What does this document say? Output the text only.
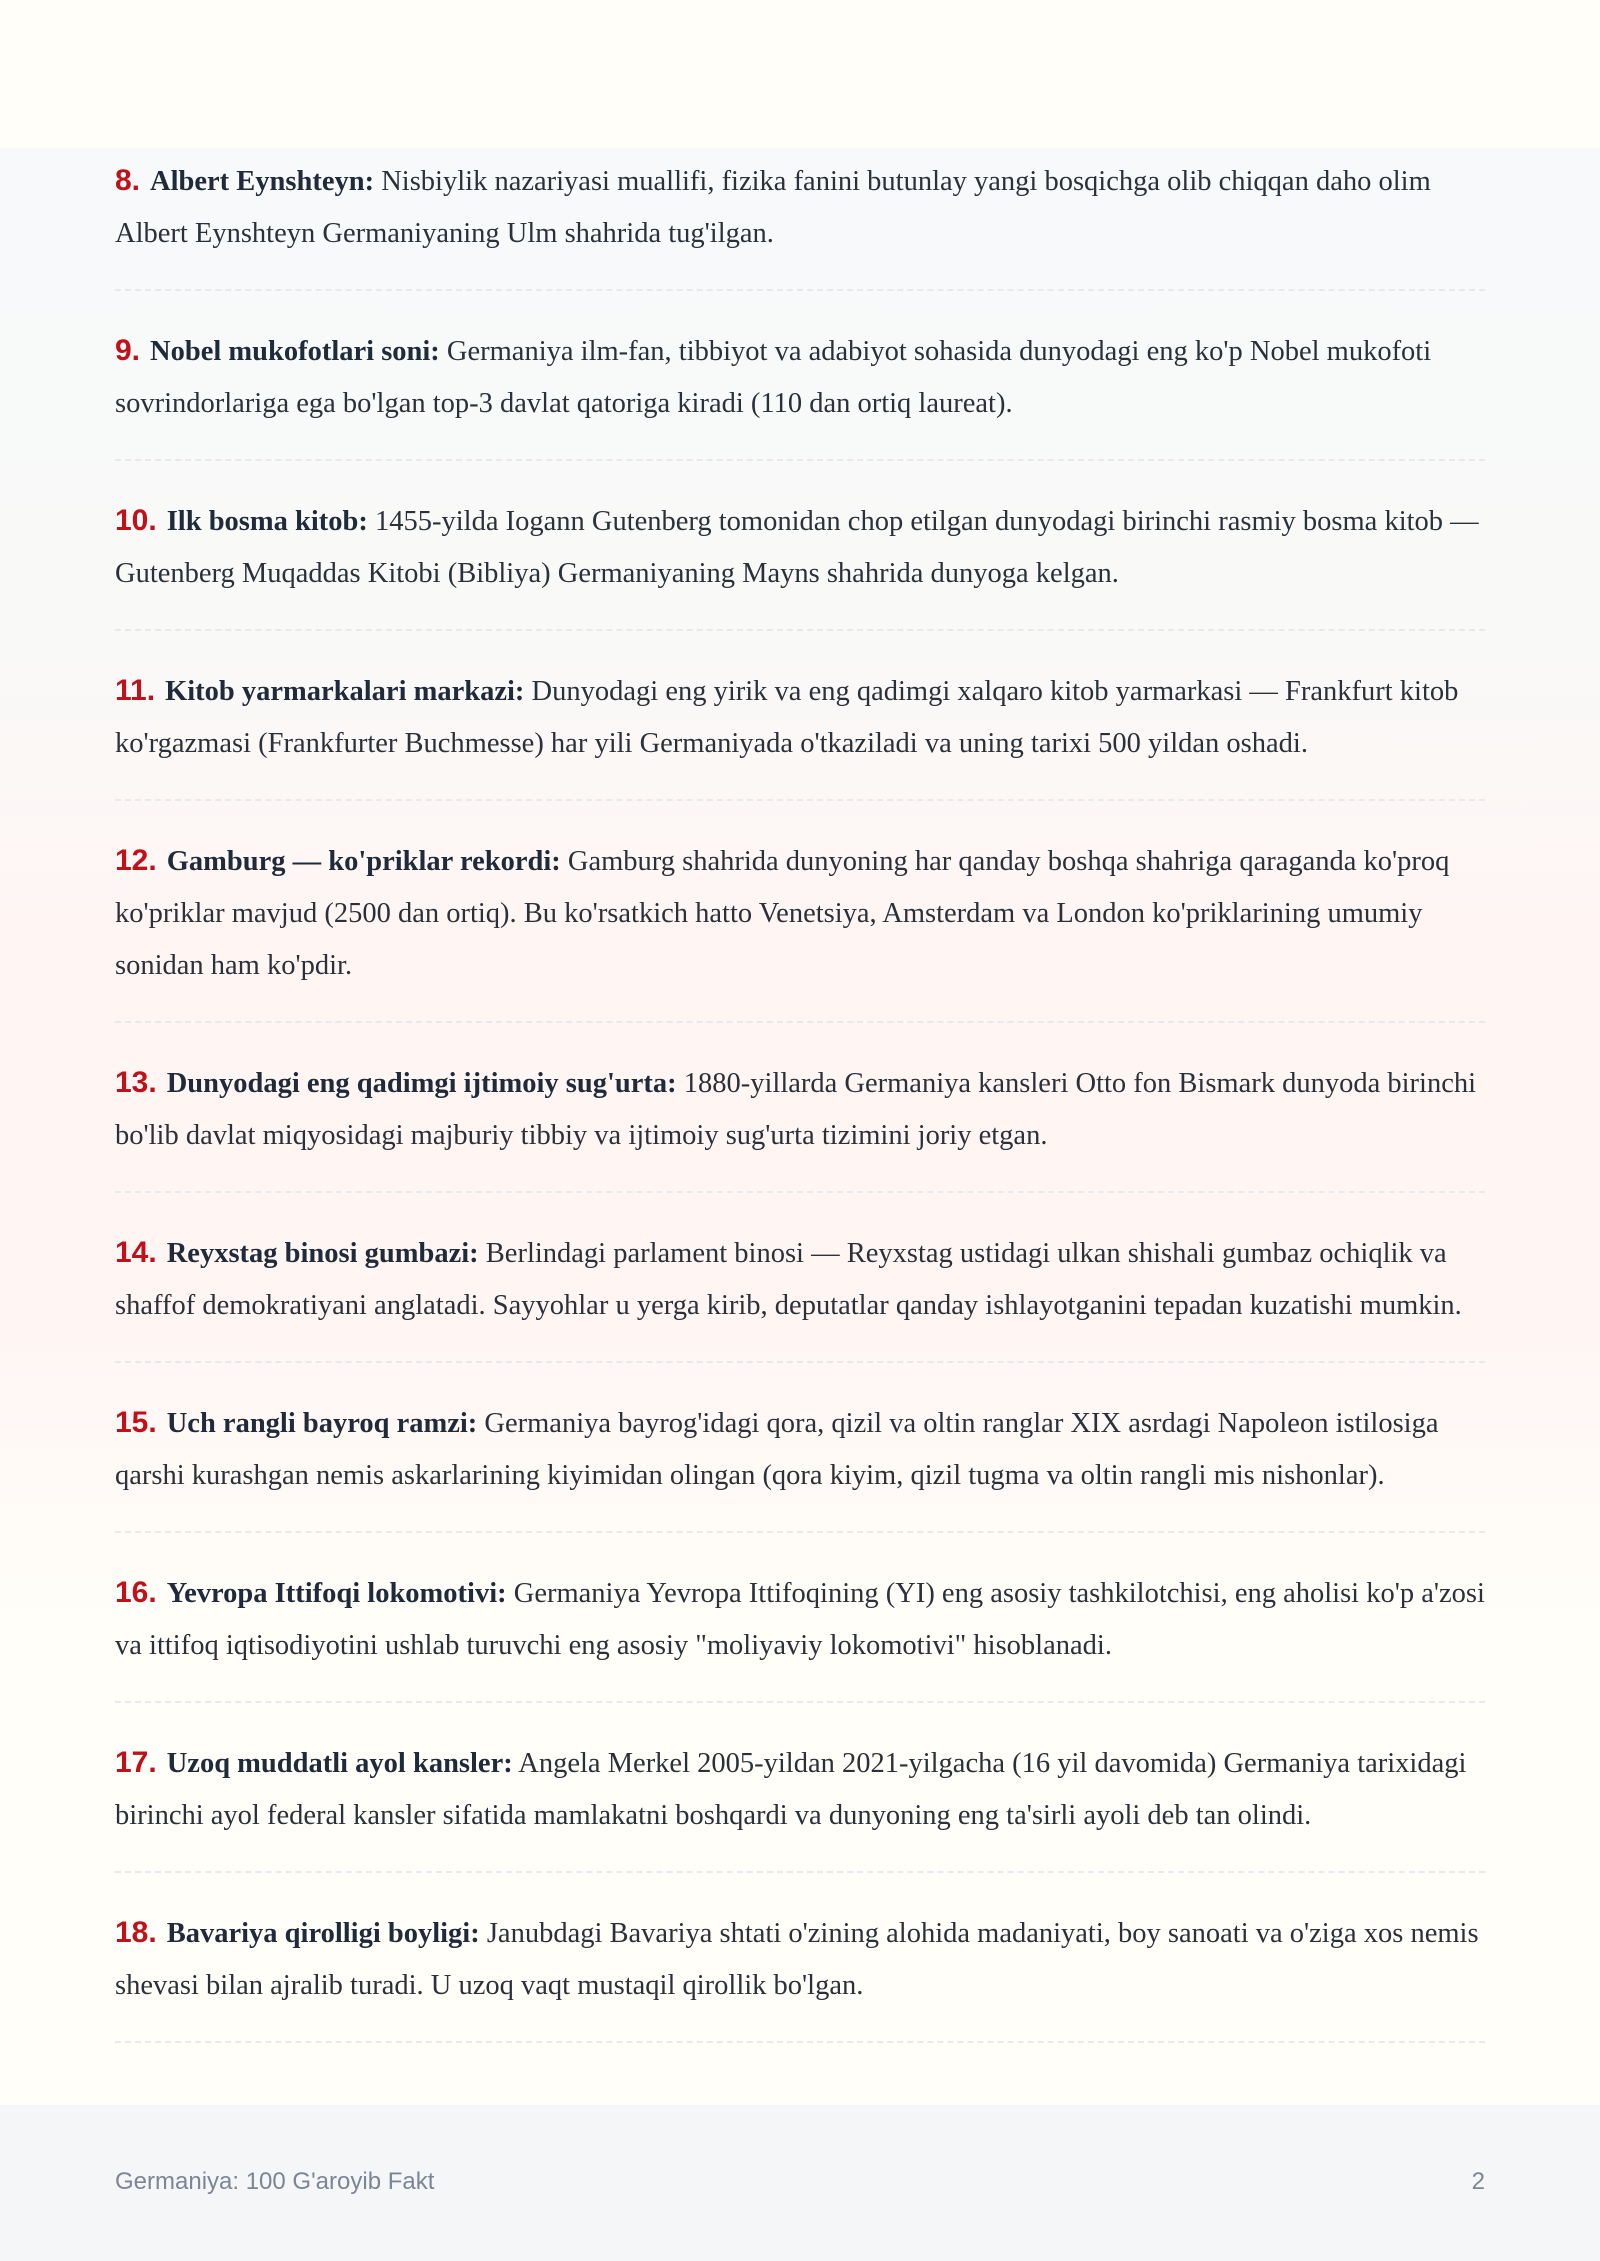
8. Albert Eynshteyn: Nisbiylik nazariyasi muallifi, fizika fanini butunlay yangi bosqichga olib chiqqan daho olim Albert Eynshteyn Germaniyaning Ulm shahrida tug'ilgan.
9. Nobel mukofotlari soni: Germaniya ilm-fan, tibbiyot va adabiyot sohasida dunyodagi eng ko'p Nobel mukofoti sovrindorlariga ega bo'lgan top-3 davlat qatoriga kiradi (110 dan ortiq laureat).
10. Ilk bosma kitob: 1455-yilda Iogann Gutenberg tomonidan chop etilgan dunyodagi birinchi rasmiy bosma kitob — Gutenberg Muqaddas Kitobi (Bibliya) Germaniyaning Mayns shahrida dunyoga kelgan.
11. Kitob yarmarkalari markazi: Dunyodagi eng yirik va eng qadimgi xalqaro kitob yarmarkasi — Frankfurt kitob ko'rgazmasi (Frankfurter Buchmesse) har yili Germaniyada o'tkaziladi va uning tarixi 500 yildan oshadi.
12. Gamburg — ko'priklar rekordi: Gamburg shahrida dunyoning har qanday boshqa shahriga qaraganda ko'proq ko'priklar mavjud (2500 dan ortiq). Bu ko'rsatkich hatto Venetsiya, Amsterdam va London ko'priklarining umumiy sonidan ham ko'pdir.
13. Dunyodagi eng qadimgi ijtimoiy sug'urta: 1880-yillarda Germaniya kansleri Otto fon Bismark dunyoda birinchi bo'lib davlat miqyosidagi majburiy tibbiy va ijtimoiy sug'urta tizimini joriy etgan.
14. Reyxstag binosi gumbazi: Berlindagi parlament binosi — Reyxstag ustidagi ulkan shishali gumbaz ochiqlik va shaffof demokratiyani anglatadi. Sayyohlar u yerga kirib, deputatlar qanday ishlayotganini tepadan kuzatishi mumkin.
15. Uch rangli bayroq ramzi: Germaniya bayrog'idagi qora, qizil va oltin ranglar XIX asrdagi Napoleon istilosiga qarshi kurashgan nemis askarlarining kiyimidan olingan (qora kiyim, qizil tugma va oltin rangli mis nishonlar).
16. Yevropa Ittifoqi lokomotivi: Germaniya Yevropa Ittifoqining (YI) eng asosiy tashkilotchisi, eng aholisi ko'p a'zosi va ittifoq iqtisodiyotini ushlab turuvchi eng asosiy "moliyaviy lokomotivi" hisoblanadi.
17. Uzoq muddatli ayol kansler: Angela Merkel 2005-yildan 2021-yilgacha (16 yil davomida) Germaniya tarixidagi birinchi ayol federal kansler sifatida mamlakatni boshqardi va dunyoning eng ta'sirli ayoli deb tan olindi.
18. Bavariya qirolligi boyligi: Janubdagi Bavariya shtati o'zining alohida madaniyati, boy sanoati va o'ziga xos nemis shevasi bilan ajralib turadi. U uzoq vaqt mustaqil qirollik bo'lgan.
Germaniya: 100 G'aroyib Fakt	2
